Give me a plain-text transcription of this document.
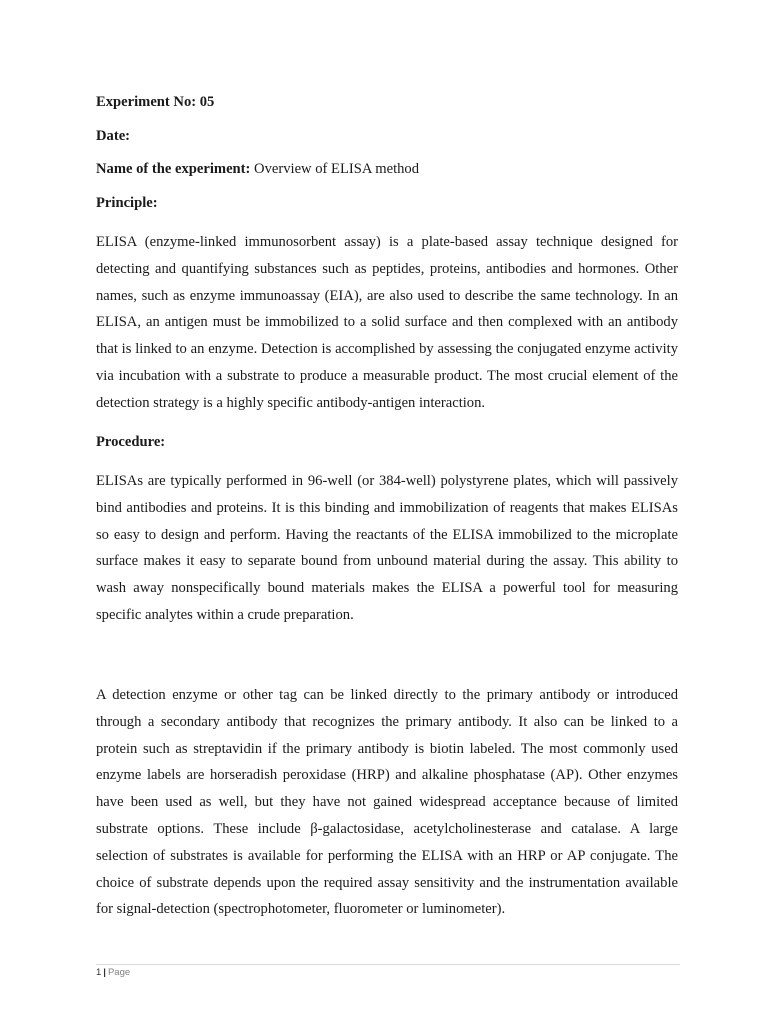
Experiment No: 05
Date:
Name of the experiment: Overview of ELISA method
Principle:

ELISA (enzyme-linked immunosorbent assay) is a plate-based assay technique designed for detecting and quantifying substances such as peptides, proteins, antibodies and hormones. Other names, such as enzyme immunoassay (EIA), are also used to describe the same technology. In an ELISA, an antigen must be immobilized to a solid surface and then complexed with an antibody that is linked to an enzyme. Detection is accomplished by assessing the conjugated enzyme activity via incubation with a substrate to produce a measurable product. The most crucial element of the detection strategy is a highly specific antibody-antigen interaction.

Procedure:

ELISAs are typically performed in 96-well (or 384-well) polystyrene plates, which will passively bind antibodies and proteins. It is this binding and immobilization of reagents that makes ELISAs so easy to design and perform. Having the reactants of the ELISA immobilized to the microplate surface makes it easy to separate bound from unbound material during the assay. This ability to wash away nonspecifically bound materials makes the ELISA a powerful tool for measuring specific analytes within a crude preparation.

A detection enzyme or other tag can be linked directly to the primary antibody or introduced through a secondary antibody that recognizes the primary antibody. It also can be linked to a protein such as streptavidin if the primary antibody is biotin labeled. The most commonly used enzyme labels are horseradish peroxidase (HRP) and alkaline phosphatase (AP). Other enzymes have been used as well, but they have not gained widespread acceptance because of limited substrate options. These include β-galactosidase, acetylcholinesterase and catalase. A large selection of substrates is available for performing the ELISA with an HRP or AP conjugate. The choice of substrate depends upon the required assay sensitivity and the instrumentation available for signal-detection (spectrophotometer, fluorometer or luminometer).

1 | Page
